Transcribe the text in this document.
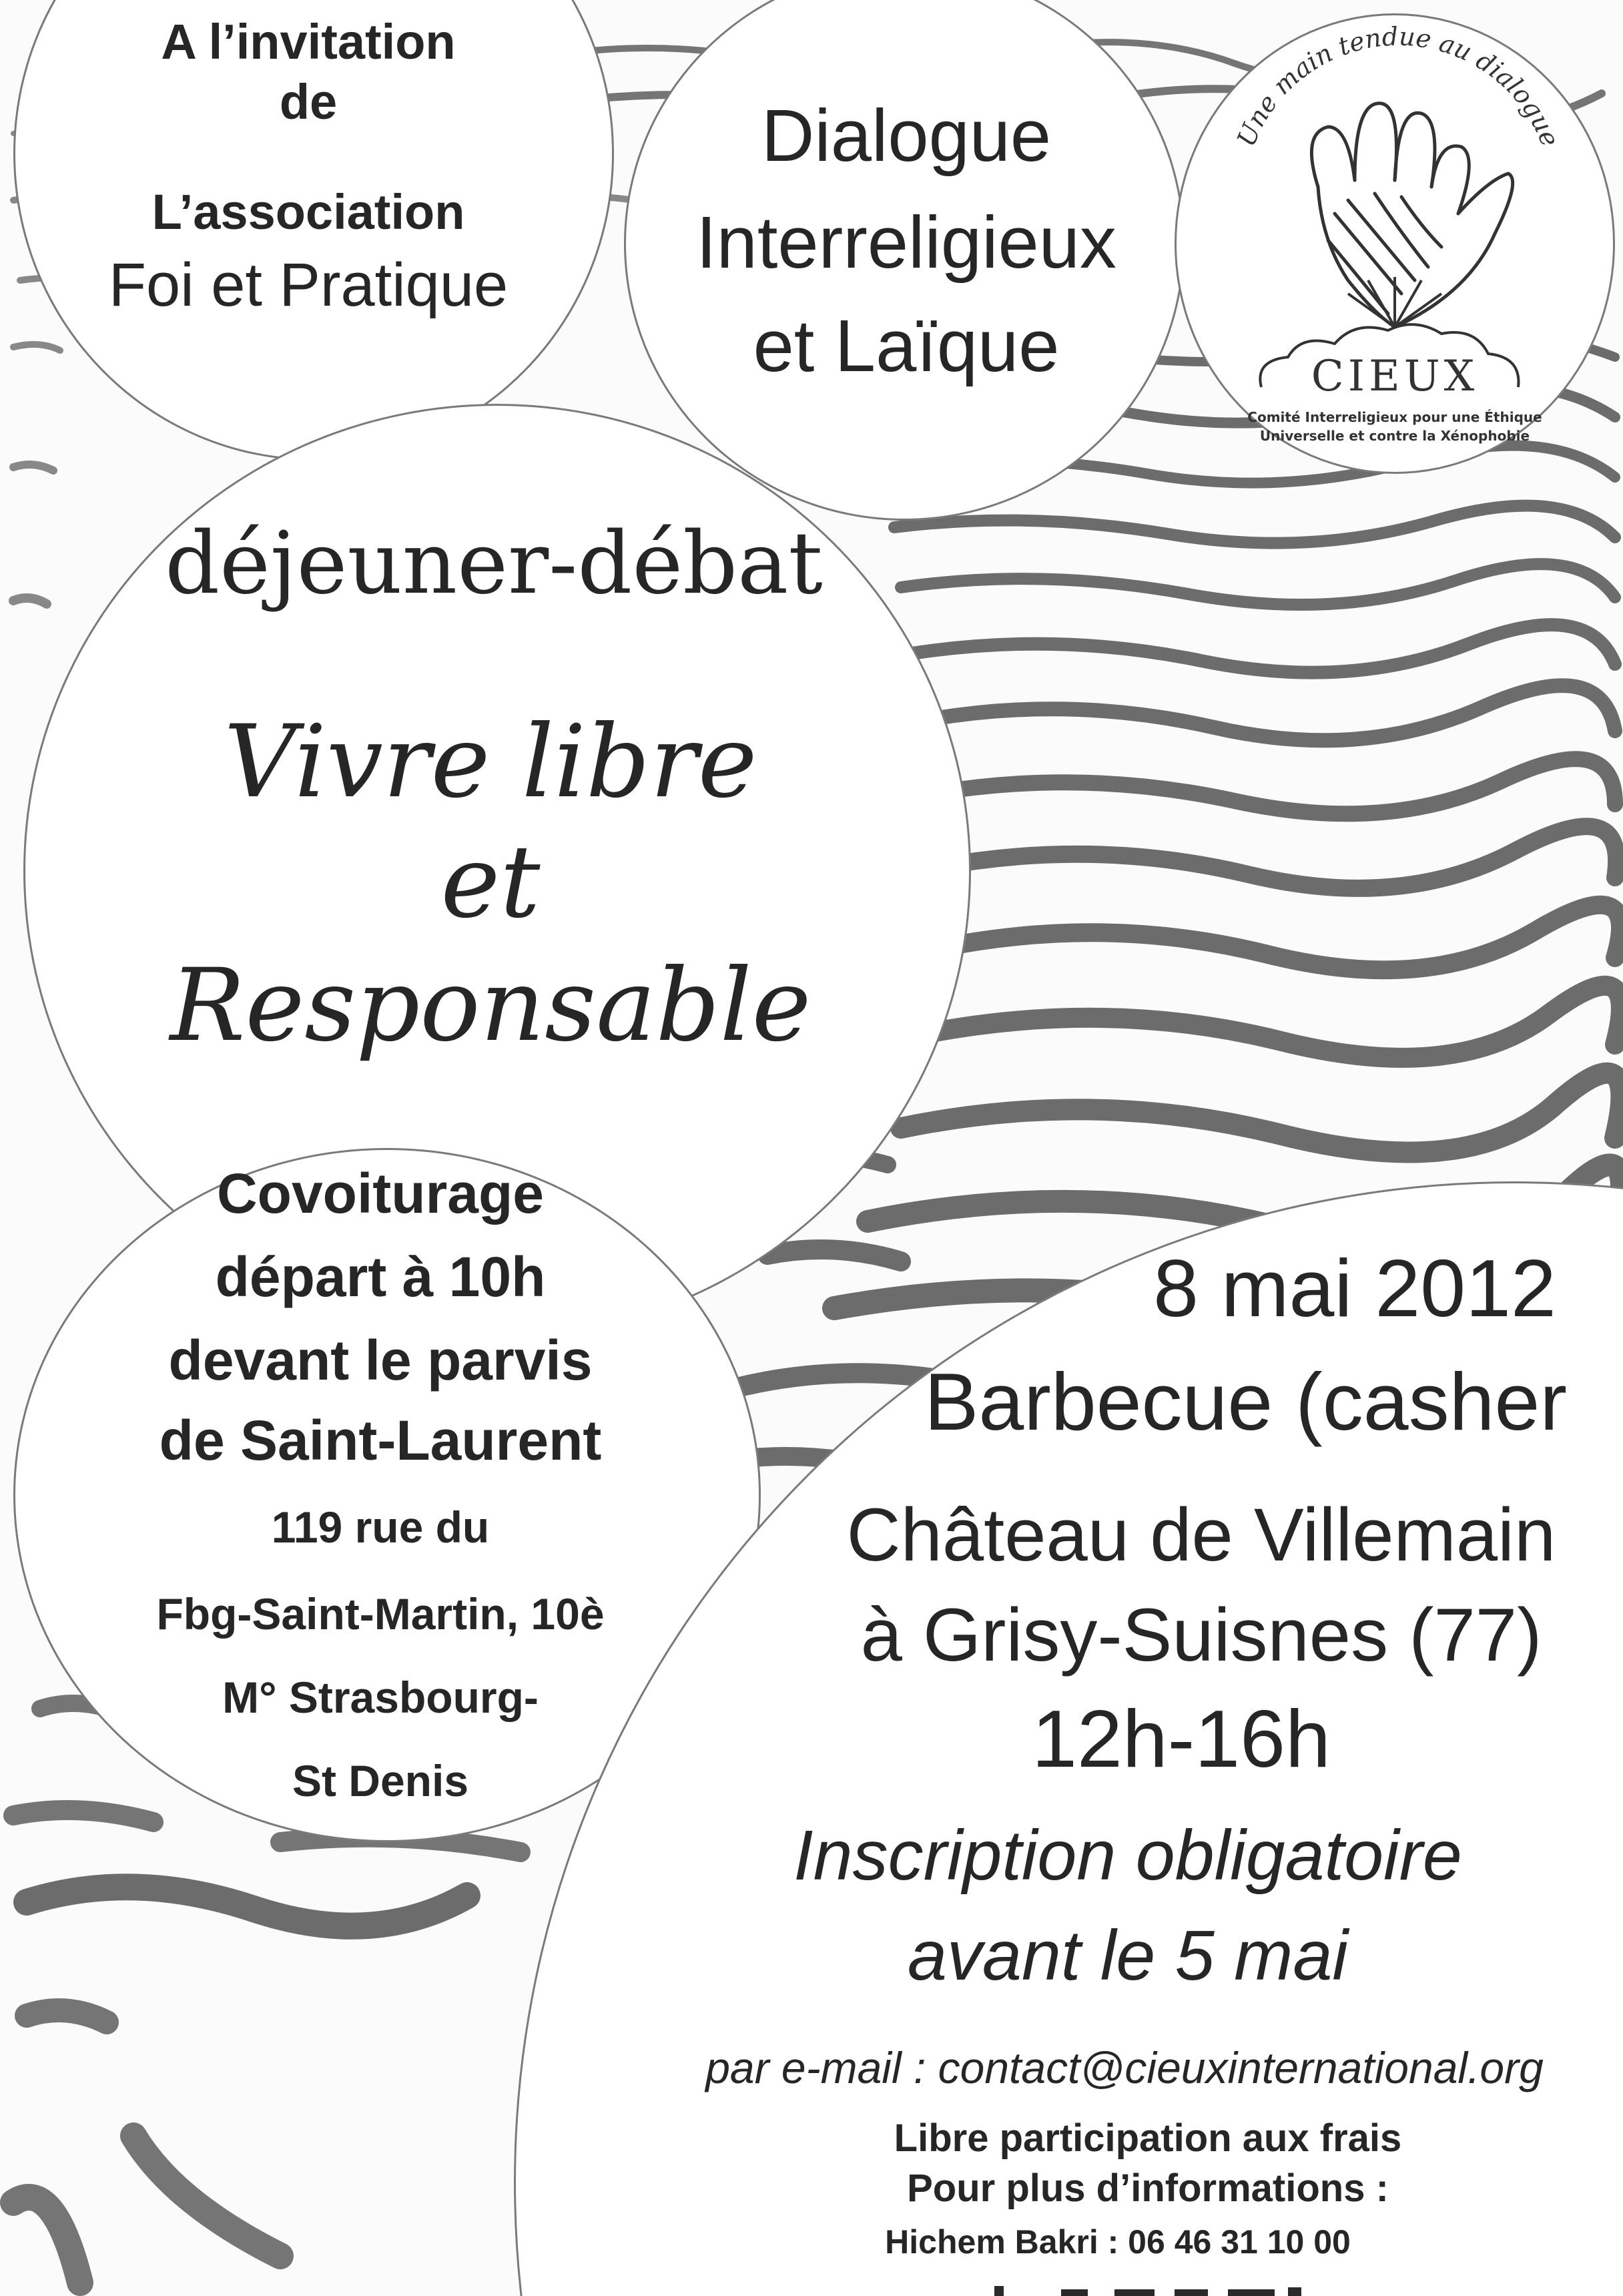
A l’invitation
de
L’association
Foi et Pratique
Dialogue
Interreligieux
et Laïque
Une main tendue au dialogue
CIEUX
Comité Interreligieux pour une Éthique
Universelle et contre la Xénophobie
déjeuner-débat
Vivre libre
et
Responsable
Covoiturage
départ à 10h
devant le parvis
de Saint-Laurent
119 rue du
Fbg-Saint-Martin, 10è
M° Strasbourg-
St Denis
8 mai 2012
Barbecue (casher
Château de Villemain
à Grisy-Suisnes (77)
12h-16h
Inscription obligatoire
avant le 5 mai
par e-mail : contact@cieuxinternational.org
Libre participation aux frais
Pour plus d’informations :
Hichem Bakri : 06 46 31 10 00
